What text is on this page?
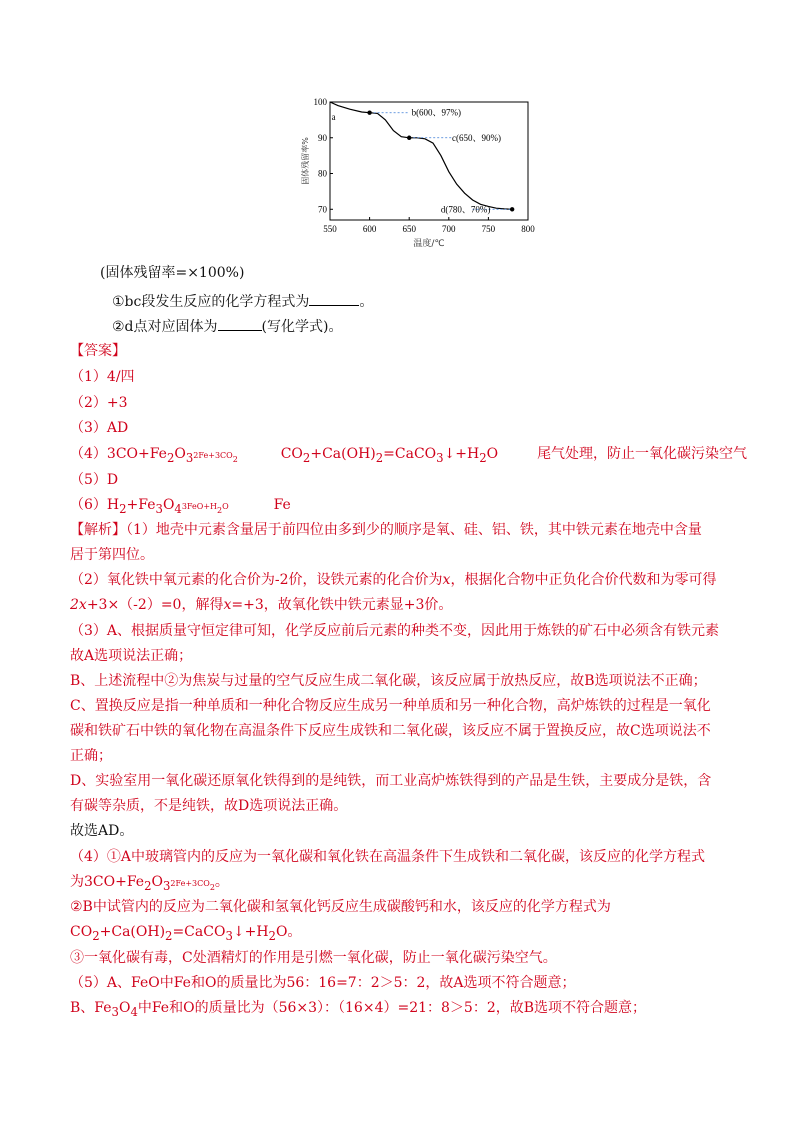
550	600	650	700	750	800
70
80
90
100
温度/℃
固体残留率%
a	b(600、97%)
c(650、90%)
d(780、70%)
(固体残留率=×100%)
①bc段发生反应的化学方程式为	。
②d点对应固体为	(写化学式)。
【答案】
（1）4/四
（2）+3
（3）AD
$(4)3CO+Fe_2O_32Fe+3CO_2$	$CO_2+Ca(OH)_2=CaCO_3↓+H_2O$	尾气处理，防止一氧化碳污染空气
（5）D
$(6)H_2+Fe_3O_43FeO+H_2O$	Fe
【解析】（1）地壳中元素含量居于前四位由多到少的顺序是氧、硅、铝、铁，其中铁元素在地壳中含量
居于第四位。
（2）氧化铁中氧元素的化合价为-2价，设铁元素的化合价为x，根据化合物中正负化合价代数和为零可得
2x+3×（-2）=0，解得x=+3，故氧化铁中铁元素显+3价。
（3）A、根据质量守恒定律可知，化学反应前后元素的种类不变，因此用于炼铁的矿石中必须含有铁元素
故A选项说法正确；
B、上述流程中②为焦炭与过量的空气反应生成二氧化碳，该反应属于放热反应，故B选项说法不正确；
C、置换反应是指一种单质和一种化合物反应生成另一种单质和另一种化合物，高炉炼铁的过程是一氧化
碳和铁矿石中铁的氧化物在高温条件下反应生成铁和二氧化碳，该反应不属于置换反应，故C选项说法不
正确；
D、实验室用一氧化碳还原氧化铁得到的是纯铁，而工业高炉炼铁得到的产品是生铁，主要成分是铁，含
有碳等杂质，不是纯铁，故D选项说法正确。
故选AD。
（4）①A中玻璃管内的反应为一氧化碳和氧化铁在高温条件下生成铁和二氧化碳，该反应的化学方程式
为$3CO+Fe_2O_32Fe+3CO_2$。
②B中试管内的反应为二氧化碳和氢氧化钙反应生成碳酸钙和水，该反应的化学方程式为
$CO_2+Ca(OH)_2=CaCO_3↓+H_2O$。
③一氧化碳有毒，C处酒精灯的作用是引燃一氧化碳，防止一氧化碳污染空气。
（5）A、FeO中Fe和O的质量比为56：16=7：2＞5：2，故A选项不符合题意；
B、$Fe_3O_4$中Fe和O的质量比为（56×3）：（16×4）=21：8＞5：2，故B选项不符合题意；
